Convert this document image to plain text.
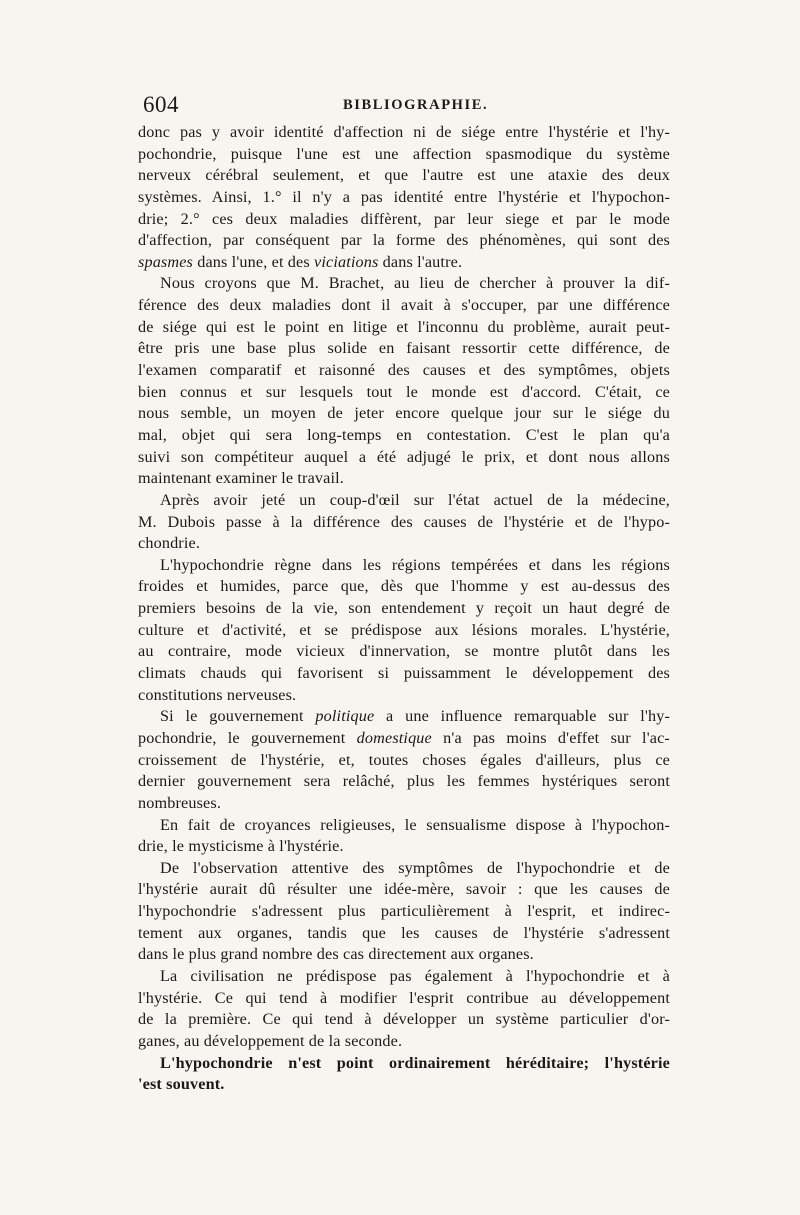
604	BIBLIOGRAPHIE.
donc pas y avoir identité d'affection ni de siége entre l'hystérie et l'hy-
pochondrie, puisque l'une est une affection spasmodique du système
nerveux cérébral seulement, et que l'autre est une ataxie des deux
systèmes. Ainsi, 1.° il n'y a pas identité entre l'hystérie et l'hypochon-
drie; 2.° ces deux maladies diffèrent, par leur siege et par le mode
d'affection, par conséquent par la forme des phénomènes, qui sont des
spasmes dans l'une, et des viciations dans l'autre.
Nous croyons que M. Brachet, au lieu de chercher à prouver la dif-
férence des deux maladies dont il avait à s'occuper, par une différence
de siége qui est le point en litige et l'inconnu du problème, aurait peut-
être pris une base plus solide en faisant ressortir cette différence, de
l'examen comparatif et raisonné des causes et des symptômes, objets
bien connus et sur lesquels tout le monde est d'accord. C'était, ce
nous semble, un moyen de jeter encore quelque jour sur le siége du
mal, objet qui sera long-temps en contestation. C'est le plan qu'a
suivi son compétiteur auquel a été adjugé le prix, et dont nous allons
maintenant examiner le travail.
Après avoir jeté un coup-d'œil sur l'état actuel de la médecine,
M. Dubois passe à la différence des causes de l'hystérie et de l'hypo-
chondrie.
L'hypochondrie règne dans les régions tempérées et dans les régions
froides et humides, parce que, dès que l'homme y est au-dessus des
premiers besoins de la vie, son entendement y reçoit un haut degré de
culture et d'activité, et se prédispose aux lésions morales. L'hystérie,
au contraire, mode vicieux d'innervation, se montre plutôt dans les
climats chauds qui favorisent si puissamment le développement des
constitutions nerveuses.
Si le gouvernement politique a une influence remarquable sur l'hy-
pochondrie, le gouvernement domestique n'a pas moins d'effet sur l'ac-
croissement de l'hystérie, et, toutes choses égales d'ailleurs, plus ce
dernier gouvernement sera relâché, plus les femmes hystériques seront
nombreuses.
En fait de croyances religieuses, le sensualisme dispose à l'hypochon-
drie, le mysticisme à l'hystérie.
De l'observation attentive des symptômes de l'hypochondrie et de
l'hystérie aurait dû résulter une idée-mère, savoir : que les causes de
l'hypochondrie s'adressent plus particulièrement à l'esprit, et indirec-
tement aux organes, tandis que les causes de l'hystérie s'adressent
dans le plus grand nombre des cas directement aux organes.
La civilisation ne prédispose pas également à l'hypochondrie et à
l'hystérie. Ce qui tend à modifier l'esprit contribue au développement
de la première. Ce qui tend à développer un système particulier d'or-
ganes, au développement de la seconde.
L'hypochondrie n'est point ordinairement héréditaire; l'hystérie
'est souvent.
